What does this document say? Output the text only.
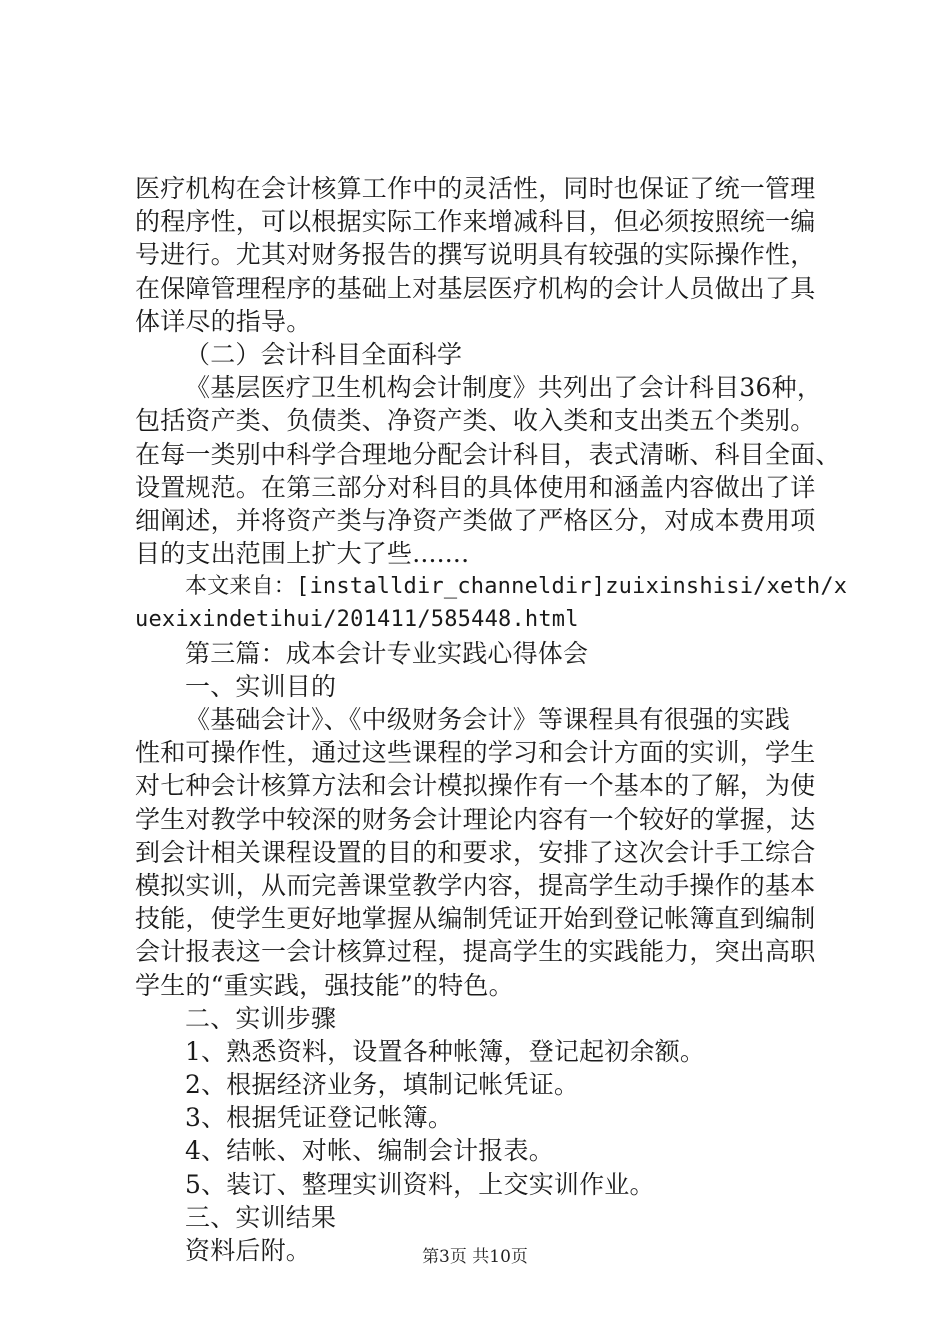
医疗机构在会计核算工作中的灵活性，同时也保证了统一管理
的程序性，可以根据实际工作来增减科目，但必须按照统一编
号进行。尤其对财务报告的撰写说明具有较强的实际操作性，
在保障管理程序的基础上对基层医疗机构的会计人员做出了具
体详尽的指导。
（二）会计科目全面科学
《基层医疗卫生机构会计制度》共列出了会计科目36种，
包括资产类、负债类、净资产类、收入类和支出类五个类别。
在每一类别中科学合理地分配会计科目，表式清晰、科目全面、
设置规范。在第三部分对科目的具体使用和涵盖内容做出了详
细阐述，并将资产类与净资产类做了严格区分，对成本费用项
目的支出范围上扩大了些.......
本文来自：[installdir_channeldir]zuixinshisi/xeth/x
uexixindetihui/201411/585448.html
第三篇：成本会计专业实践心得体会
一、实训目的
《基础会计》、《中级财务会计》等课程具有很强的实践
性和可操作性，通过这些课程的学习和会计方面的实训，学生
对七种会计核算方法和会计模拟操作有一个基本的了解，为使
学生对教学中较深的财务会计理论内容有一个较好的掌握，达
到会计相关课程设置的目的和要求，安排了这次会计手工综合
模拟实训，从而完善课堂教学内容，提高学生动手操作的基本
技能，使学生更好地掌握从编制凭证开始到登记帐簿直到编制
会计报表这一会计核算过程，提高学生的实践能力，突出高职
学生的“重实践，强技能”的特色。
二、实训步骤
1、熟悉资料，设置各种帐簿，登记起初余额。
2、根据经济业务，填制记帐凭证。
3、根据凭证登记帐簿。
4、结帐、对帐、编制会计报表。
5、装订、整理实训资料，上交实训作业。
三、实训结果
资料后附。	第3页 共10页
